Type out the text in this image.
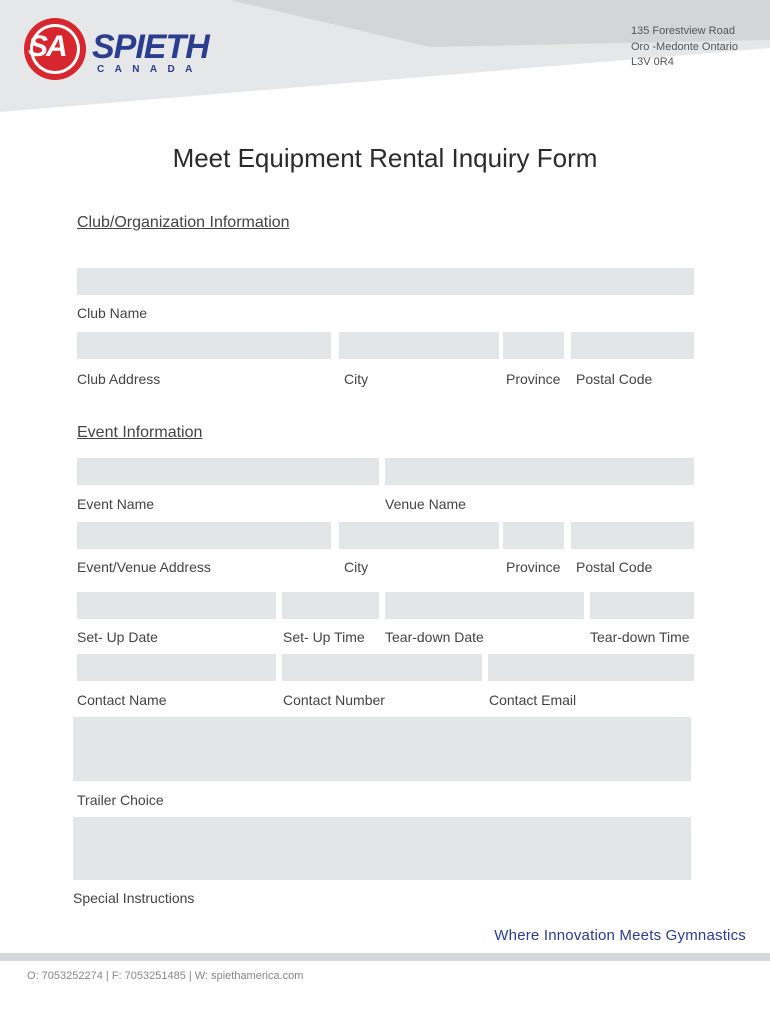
SA SPIETH
C A N A D A
135 Forestview Road
Oro -Medonte Ontario
L3V 0R4
Meet Equipment Rental Inquiry Form
Club/Organization Information
Club Name
Club Address	City	Province Postal Code
Event Information
Event Name	Venue Name
Event/Venue Address	City	Province Postal Code
Set- Up Date	Set- Up Time Tear-down Date	Tear-down Time
Contact Name	Contact Number	Contact Email
Trailer Choice
Special Instructions
Where Innovation Meets Gymnastics
O: 7053252274 | F: 7053251485 | W: spiethamerica.com
